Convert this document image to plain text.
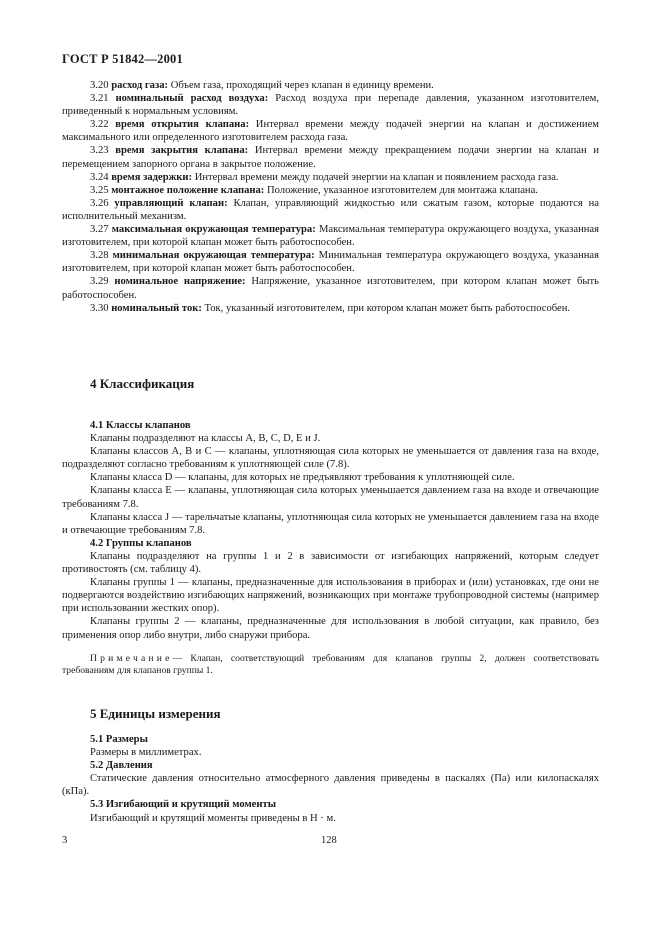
ГОСТ Р 51842—2001

3.20 расход газа: Объем газа, проходящий через клапан в единицу времени.

3.21 номинальный расход воздуха: Расход воздуха при перепаде давления, указанном изготовителем, приведенный к нормальным условиям.

3.22 время открытия клапана: Интервал времени между подачей энергии на клапан и достижением максимального или определенного изготовителем расхода газа.

3.23 время закрытия клапана: Интервал времени между прекращением подачи энергии на клапан и перемещением запорного органа в закрытое положение.

3.24 время задержки: Интервал времени между подачей энергии на клапан и появлением расхода газа.

3.25 монтажное положение клапана: Положение, указанное изготовителем для монтажа клапана.

3.26 управляющий клапан: Клапан, управляющий жидкостью или сжатым газом, которые подаются на исполнительный механизм.

3.27 максимальная окружающая температура: Максимальная температура окружающего воздуха, указанная изготовителем, при которой клапан может быть работоспособен.

3.28 минимальная окружающая температура: Минимальная температура окружающего воздуха, указанная изготовителем, при которой клапан может быть работоспособен.

3.29 номинальное напряжение: Напряжение, указанное изготовителем, при котором клапан может быть работоспособен.

3.30 номинальный ток: Ток, указанный изготовителем, при котором клапан может быть работоспособен.

4 Классификация

4.1 Классы клапанов

Клапаны подразделяют на классы A, B, C, D, E и J.

Клапаны классов A, B и C — клапаны, уплотняющая сила которых не уменьшается от давления газа на входе, подразделяют согласно требованиям к уплотняющей силе (7.8).

Клапаны класса D — клапаны, для которых не предъявляют требования к уплотняющей силе.

Клапаны класса E — клапаны, уплотняющая сила которых уменьшается давлением газа на входе и отвечающие требованиям 7.8.

Клапаны класса J — тарельчатые клапаны, уплотняющая сила которых не уменьшается давлением газа на входе и отвечающие требованиям 7.8.

4.2 Группы клапанов

Клапаны подразделяют на группы 1 и 2 в зависимости от изгибающих напряжений, которым следует противостоять (см. таблицу 4).

Клапаны группы 1 — клапаны, предназначенные для использования в приборах и (или) установках, где они не подвергаются воздействию изгибающих напряжений, возникающих при монтаже трубопроводной системы (например при использовании жестких опор).

Клапаны группы 2 — клапаны, предназначенные для использования в любой ситуации, как правило, без применения опор либо внутри, либо снаружи прибора.

Примечание— Клапан, соответствующий требованиям для клапанов группы 2, должен соответствовать требованиям для клапанов группы 1.

5 Единицы измерения

5.1 Размеры

Размеры в миллиметрах.

5.2 Давления

Статические давления относительно атмосферного давления приведены в паскалях (Па) или килопаскалях (кПа).

5.3 Изгибающий и крутящий моменты

Изгибающий и крутящий моменты приведены в Н · м.

3	128
